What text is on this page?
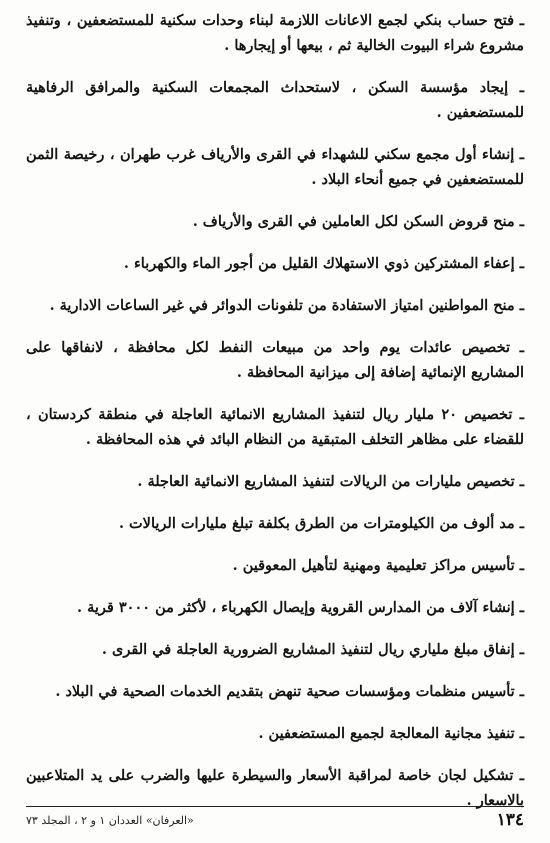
ـ فتح حساب بنكي لجمع الاعانات اللازمة لبناء وحدات سكنية للمستضعفين ، وتنفيذ مشروع شراء البيوت الخالية ثم ، بيعها أو إيجارها .

ـ إيجاد مؤسسة السكن ، لاستحداث المجمعات السكنية والمرافق الرفاهية للمستضعفين .

ـ إنشاء أول مجمع سكني للشهداء في القرى والأرياف غرب طهران ، رخيصة الثمن للمستضعفين في جميع أنحاء البلاد .

ـ منح قروض السكن لكل العاملين في القرى والأرياف .

ـ إعفاء المشتركين ذوي الاستهلاك القليل من أجور الماء والكهرباء .

ـ منح المواطنين امتياز الاستفادة من تلفونات الدوائر في غير الساعات الادارية .

ـ تخصيص عائدات يوم واحد من مبيعات النفط لكل محافظة ، لانفاقها على المشاريع الإنمائية إضافة إلى ميزانية المحافظة .

ـ تخصيص ٢٠ مليار ريال لتنفيذ المشاريع الانمائية العاجلة في منطقة كردستان ، للقضاء على مظاهر التخلف المتبقية من النظام البائد في هذه المحافظة .

ـ تخصيص مليارات من الريالات لتنفيذ المشاريع الانمائية العاجلة .

ـ مد ألوف من الكيلومترات من الطرق بكلفة تبلغ مليارات الريالات .

ـ تأسيس مراكز تعليمية ومهنية لتأهيل المعوقين .

ـ إنشاء آلاف من المدارس القروية وإيصال الكهرباء ، لأكثر من ٣٠٠٠ قرية .

ـ إنفاق مبلغ ملياري ريال لتنفيذ المشاريع الضرورية العاجلة في القرى .

ـ تأسيس منظمات ومؤسسات صحية تنهض بتقديم الخدمات الصحية في البلاد .

ـ تنفيذ مجانية المعالجة لجميع المستضعفين .

ـ تشكيل لجان خاصة لمراقبة الأسعار والسيطرة عليها والضرب على يد المتلاعبين بالاسعار .

١٣٤
«العرفان» العددان ١ و ٢ ، المجلد ٧٣
